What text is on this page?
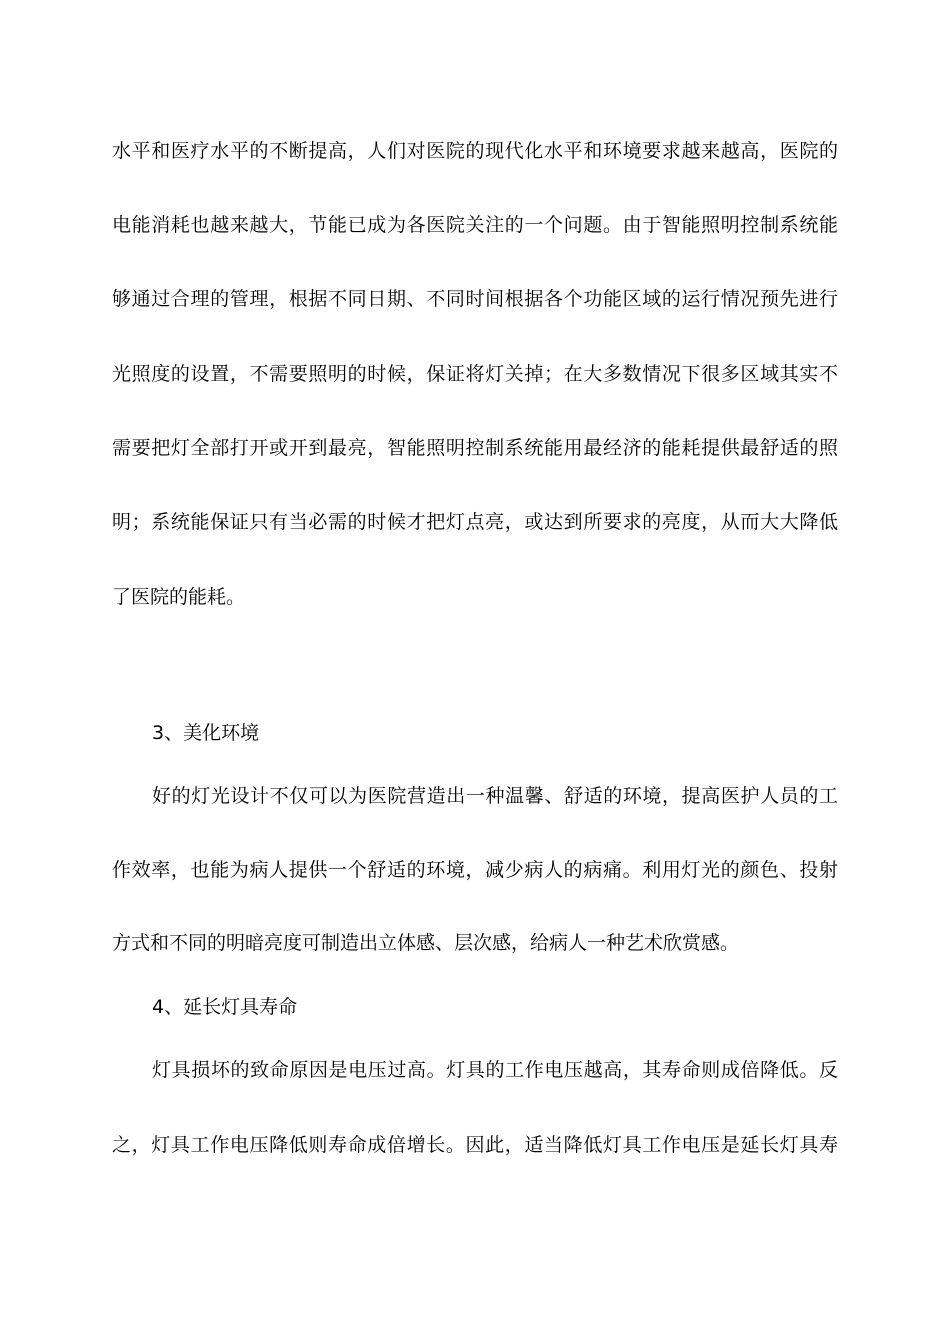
水平和医疗水平的不断提高，人们对医院的现代化水平和环境要求越来越高，医院的
电能消耗也越来越大，节能已成为各医院关注的一个问题。由于智能照明控制系统能
够通过合理的管理，根据不同日期、不同时间根据各个功能区域的运行情况预先进行
光照度的设置，不需要照明的时候，保证将灯关掉；在大多数情况下很多区域其实不
需要把灯全部打开或开到最亮，智能照明控制系统能用最经济的能耗提供最舒适的照
明；系统能保证只有当必需的时候才把灯点亮，或达到所要求的亮度，从而大大降低
了医院的能耗。
3、美化环境
好的灯光设计不仅可以为医院营造出一种温馨、舒适的环境，提高医护人员的工
作效率，也能为病人提供一个舒适的环境，减少病人的病痛。利用灯光的颜色、投射
方式和不同的明暗亮度可制造出立体感、层次感，给病人一种艺术欣赏感。
4、延长灯具寿命
灯具损坏的致命原因是电压过高。灯具的工作电压越高，其寿命则成倍降低。反
之，灯具工作电压降低则寿命成倍增长。因此，适当降低灯具工作电压是延长灯具寿
